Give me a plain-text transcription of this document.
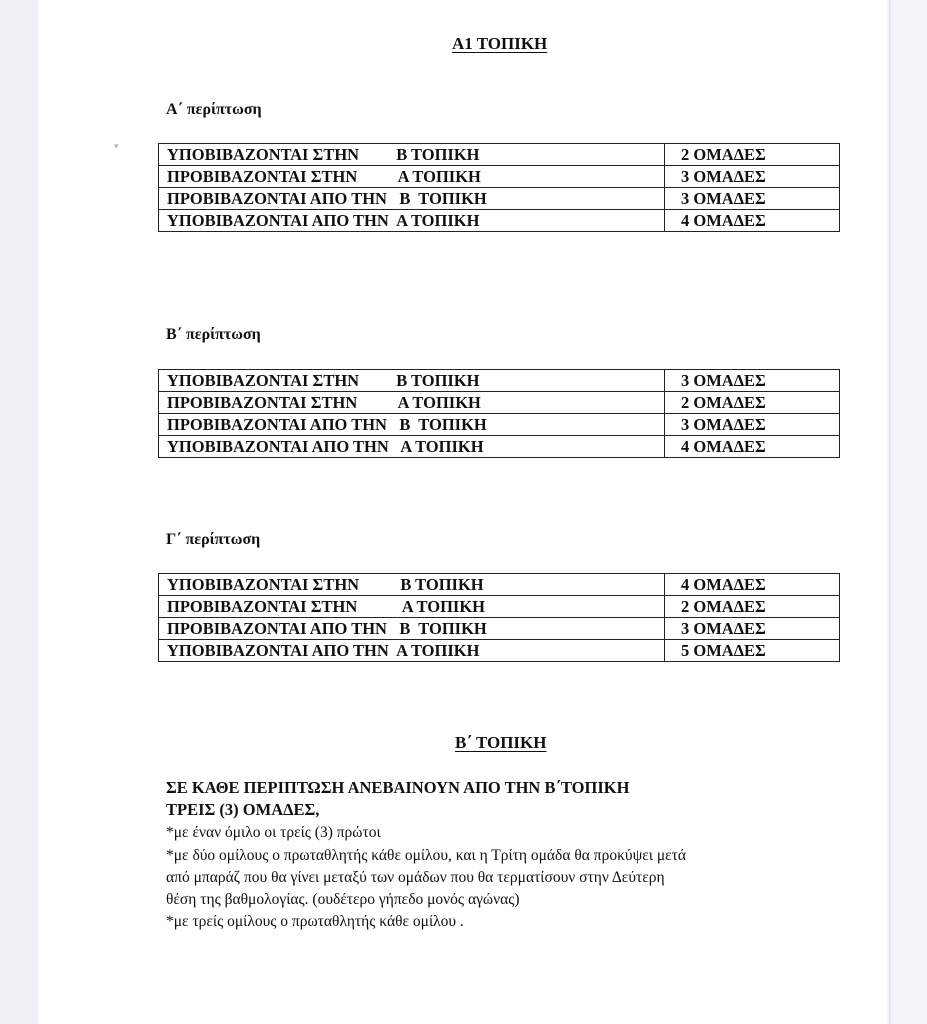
▾
Α1 ΤΟΠΙΚΗ
Α΄ περίπτωση
ΥΠΟΒΙΒΑΖΟΝΤΑΙ ΣΤΗΝ         Β ΤΟΠΙΚΗ	2 ΟΜΑΔΕΣ
ΠΡΟΒΙΒΑΖΟΝΤΑΙ ΣΤΗΝ          Α ΤΟΠΙΚΗ	3 ΟΜΑΔΕΣ
ΠΡΟΒΙΒΑΖΟΝΤΑΙ ΑΠΟ ΤΗΝ   Β  ΤΟΠΙΚΗ	3 ΟΜΑΔΕΣ
ΥΠΟΒΙΒΑΖΟΝΤΑΙ ΑΠΟ ΤΗΝ  Α ΤΟΠΙΚΗ	4 ΟΜΑΔΕΣ
Β΄ περίπτωση
ΥΠΟΒΙΒΑΖΟΝΤΑΙ ΣΤΗΝ         Β ΤΟΠΙΚΗ	3 ΟΜΑΔΕΣ
ΠΡΟΒΙΒΑΖΟΝΤΑΙ ΣΤΗΝ          Α ΤΟΠΙΚΗ	2 ΟΜΑΔΕΣ
ΠΡΟΒΙΒΑΖΟΝΤΑΙ ΑΠΟ ΤΗΝ   Β  ΤΟΠΙΚΗ	3 ΟΜΑΔΕΣ
ΥΠΟΒΙΒΑΖΟΝΤΑΙ ΑΠΟ ΤΗΝ   Α ΤΟΠΙΚΗ	4 ΟΜΑΔΕΣ
Γ΄ περίπτωση
ΥΠΟΒΙΒΑΖΟΝΤΑΙ ΣΤΗΝ          Β ΤΟΠΙΚΗ	4 ΟΜΑΔΕΣ
ΠΡΟΒΙΒΑΖΟΝΤΑΙ ΣΤΗΝ           Α ΤΟΠΙΚΗ	2 ΟΜΑΔΕΣ
ΠΡΟΒΙΒΑΖΟΝΤΑΙ ΑΠΟ ΤΗΝ   Β  ΤΟΠΙΚΗ	3 ΟΜΑΔΕΣ
ΥΠΟΒΙΒΑΖΟΝΤΑΙ ΑΠΟ ΤΗΝ  Α ΤΟΠΙΚΗ	5 ΟΜΑΔΕΣ
Β΄ ΤΟΠΙΚΗ
ΣΕ ΚΑΘΕ ΠΕΡΙΠΤΩΣΗ ΑΝΕΒΑΙΝΟΥΝ ΑΠΟ ΤΗΝ Β΄ΤΟΠΙΚΗ
ΤΡΕΙΣ (3) ΟΜΑΔΕΣ,
*με έναν όμιλο οι τρείς (3) πρώτοι
*με δύο ομίλους ο πρωταθλητής κάθε ομίλου, και η Τρίτη ομάδα θα προκύψει μετά
από μπαράζ που θα γίνει μεταξύ των ομάδων που θα τερματίσουν στην Δεύτερη
θέση της βαθμολογίας. (ουδέτερο γήπεδο μονός αγώνας)
*με τρείς ομίλους ο πρωταθλητής κάθε ομίλου .
